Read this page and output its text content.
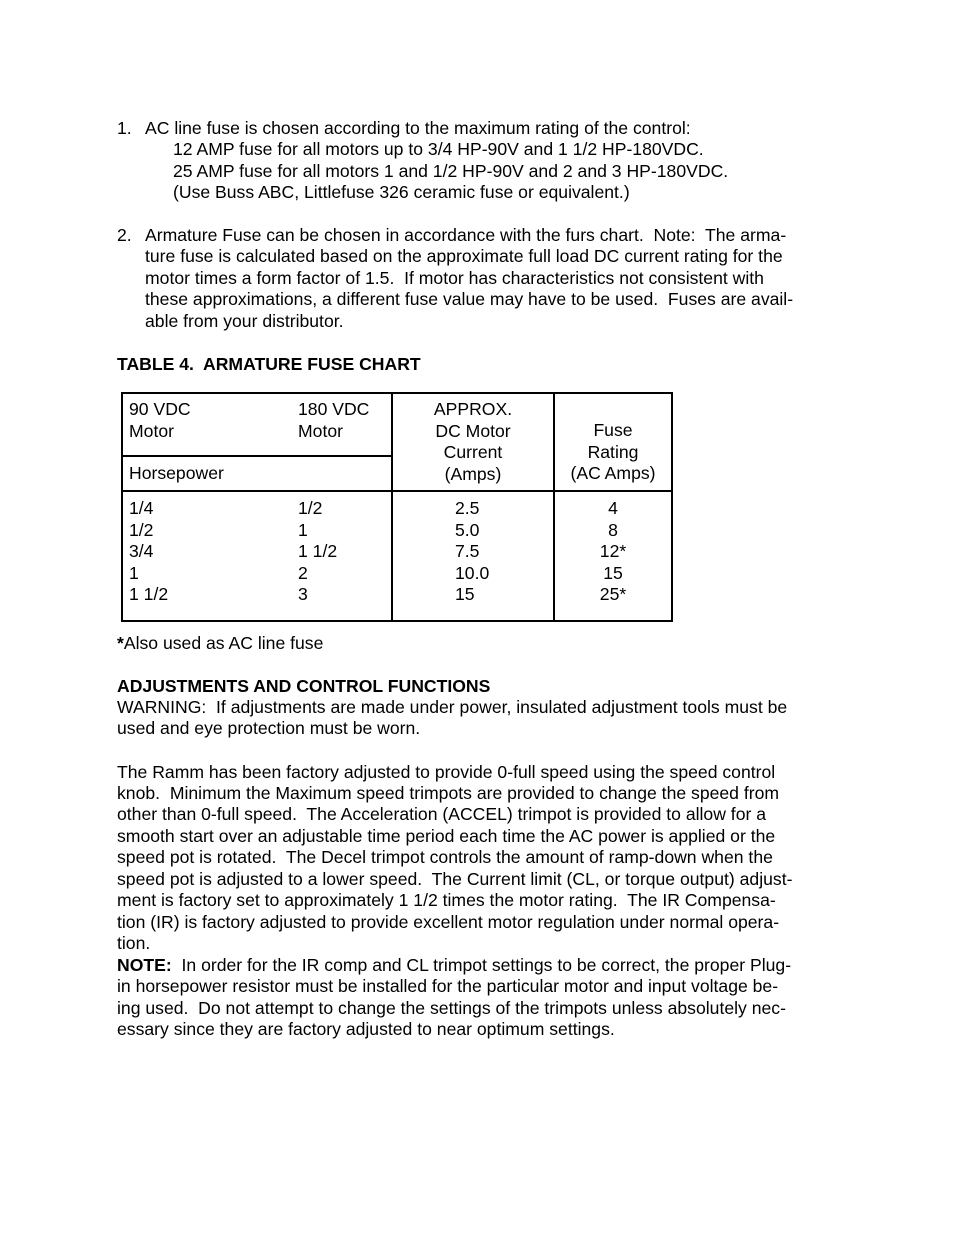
1. AC line fuse is chosen according to the maximum rating of the control:
12 AMP fuse for all motors up to 3/4 HP-90V and 1 1/2 HP-180VDC.
25 AMP fuse for all motors 1 and 1/2 HP-90V and 2 and 3 HP-180VDC.
(Use Buss ABC, Littlefuse 326 ceramic fuse or equivalent.)
2. Armature Fuse can be chosen in accordance with the furs chart.  Note:  The arma-
ture fuse is calculated based on the approximate full load DC current rating for the
motor times a form factor of 1.5.  If motor has characteristics not consistent with
these approximations, a different fuse value may have to be used.  Fuses are avail-
able from your distributor.
TABLE 4.  ARMATURE FUSE CHART
90 VDC
Motor
180 VDC
Motor
Horsepower
APPROX.
DC Motor
Current
(Amps)
Fuse
Rating
(AC Amps)
1/4
1/2
3/4
1
1 1/2
1/2
1
1 1/2
2
3
2.5
5.0
7.5
10.0
15
4
8
12*
15
25*
*Also used as AC line fuse
ADJUSTMENTS AND CONTROL FUNCTIONS
WARNING:  If adjustments are made under power, insulated adjustment tools must be
used and eye protection must be worn.
The Ramm has been factory adjusted to provide 0-full speed using the speed control
knob.  Minimum the Maximum speed trimpots are provided to change the speed from
other than 0-full speed.  The Acceleration (ACCEL) trimpot is provided to allow for a
smooth start over an adjustable time period each time the AC power is applied or the
speed pot is rotated.  The Decel trimpot controls the amount of ramp-down when the
speed pot is adjusted to a lower speed.  The Current limit (CL, or torque output) adjust-
ment is factory set to approximately 1 1/2 times the motor rating.  The IR Compensa-
tion (IR) is factory adjusted to provide excellent motor regulation under normal opera-
tion.
NOTE:  In order for the IR comp and CL trimpot settings to be correct, the proper Plug-
in horsepower resistor must be installed for the particular motor and input voltage be-
ing used.  Do not attempt to change the settings of the trimpots unless absolutely nec-
essary since they are factory adjusted to near optimum settings.
